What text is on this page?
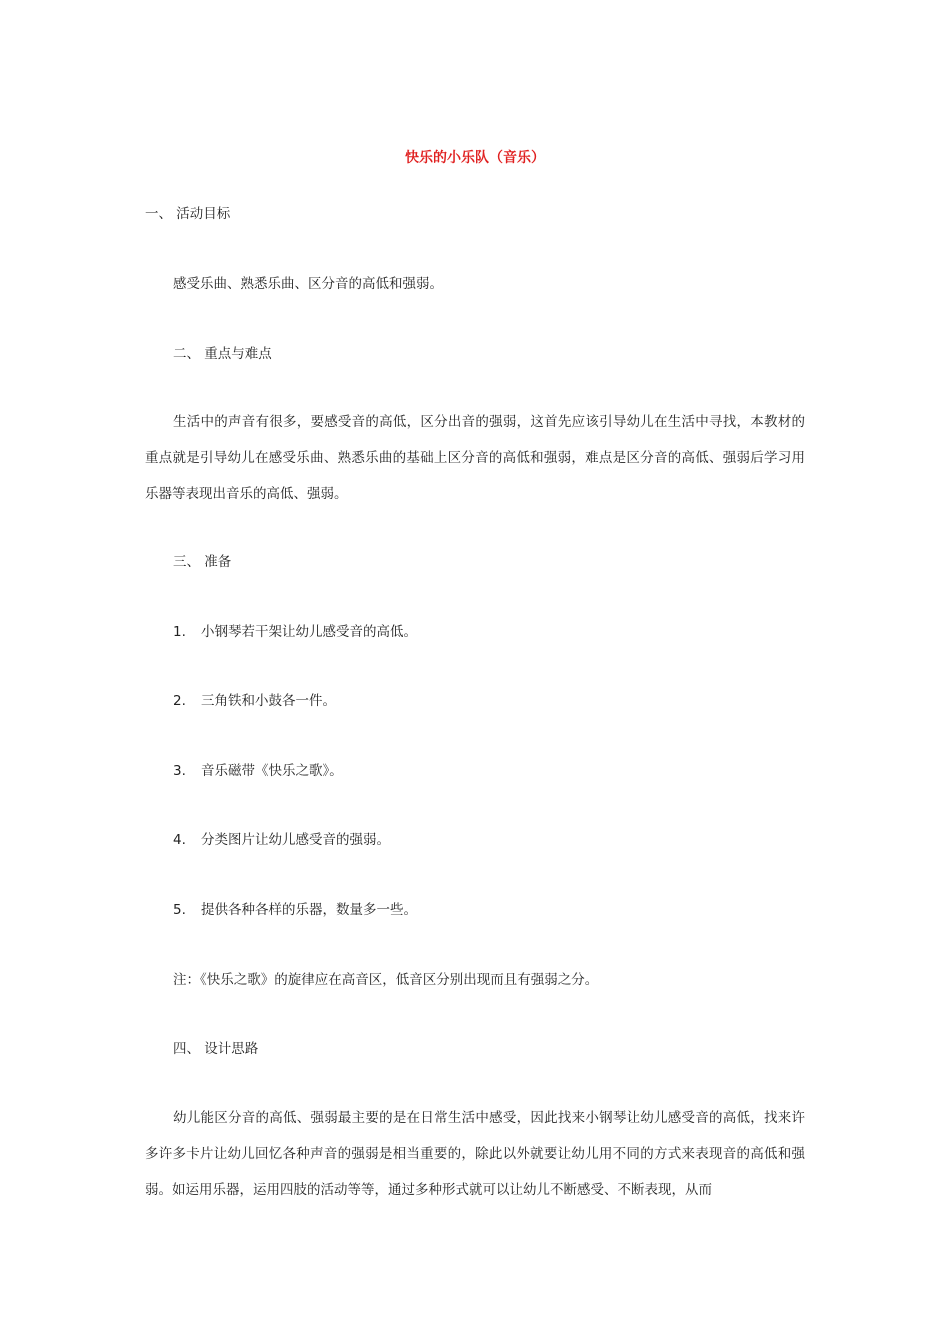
快乐的小乐队（音乐）
一、 活动目标
感受乐曲、熟悉乐曲、区分音的高低和强弱。
二、 重点与难点
生活中的声音有很多，要感受音的高低，区分出音的强弱，这首先应该引导幼儿在生活中寻找，本教材的重点就是引导幼儿在感受乐曲、熟悉乐曲的基础上区分音的高低和强弱，难点是区分音的高低、强弱后学习用乐器等表现出音乐的高低、强弱。
三、 准备
1. 小钢琴若干架让幼儿感受音的高低。
2. 三角铁和小鼓各一件。
3. 音乐磁带《快乐之歌》。
4. 分类图片让幼儿感受音的强弱。
5. 提供各种各样的乐器，数量多一些。
注：《快乐之歌》的旋律应在高音区，低音区分别出现而且有强弱之分。
四、 设计思路
幼儿能区分音的高低、强弱最主要的是在日常生活中感受，因此找来小钢琴让幼儿感受音的高低，找来许多许多卡片让幼儿回忆各种声音的强弱是相当重要的，除此以外就要让幼儿用不同的方式来表现音的高低和强弱。如运用乐器，运用四肢的活动等等，通过多种形式就可以让幼儿不断感受、不断表现，从而
